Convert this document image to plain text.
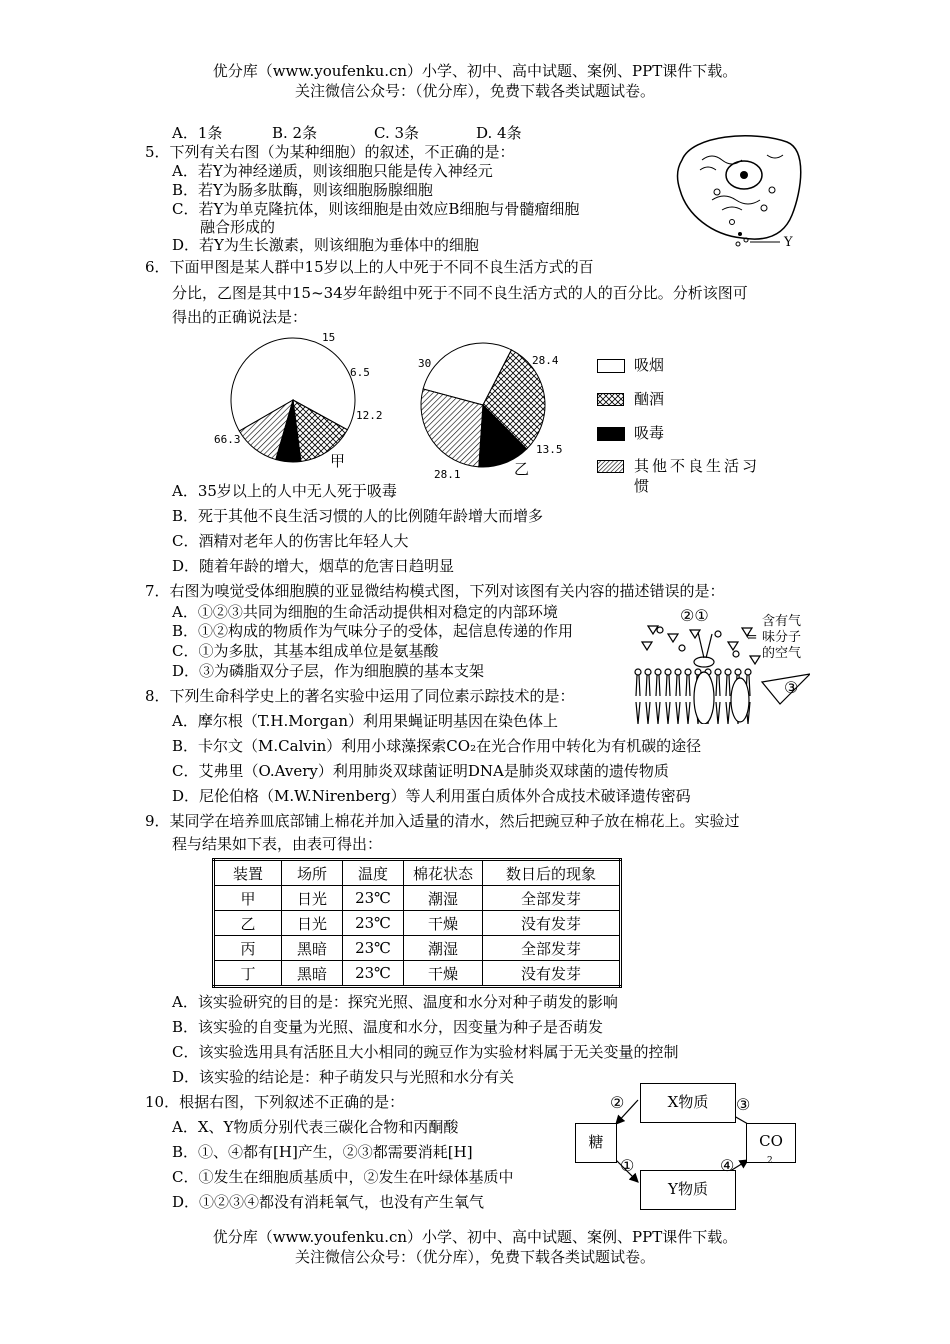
优分库（www.youfenku.cn）小学、初中、高中试题、案例、PPT课件下载。
关注微信公众号：（优分库），免费下载各类试题试卷。
A．1条	B. 2条	C. 3条	D. 4条
5．下列有关右图（为某种细胞）的叙述，不正确的是：
A．若Y为神经递质，则该细胞只能是传入神经元
B．若Y为肠多肽酶，则该细胞肠腺细胞
C．若Y为单克隆抗体，则该细胞是由效应B细胞与骨髓瘤细胞
融合形成的
D．若Y为生长激素，则该细胞为垂体中的细胞	Y
6．下面甲图是某人群中15岁以上的人中死于不同不良生活方式的百
分比，乙图是其中15~34岁年龄组中死于不同不良生活方式的人的百分比。分析该图可
得出的正确说法是：
15
6.5
12.2
66.3
甲
30	28.4
13.5
28.1	乙
吸烟
酗酒
吸毒
其他不良生活习
惯
A．35岁以上的人中无人死于吸毒
B．死于其他不良生活习惯的人的比例随年龄增大而增多
C．酒精对老年人的伤害比年轻人大
D．随着年龄的增大，烟草的危害日趋明显
7．右图为嗅觉受体细胞膜的亚显微结构模式图，下列对该图有关内容的描述错误的是：
A．①②③共同为细胞的生命活动提供相对稳定的内部环境
B．①②构成的物质作为气味分子的受体，起信息传递的作用
C．①为多肽，其基本组成单位是氨基酸
D．③为磷脂双分子层，作为细胞膜的基本支架
②①	含有气
味分子
的空气
⇐
③
8．下列生命科学史上的著名实验中运用了同位素示踪技术的是：
A．摩尔根（T.H.Morgan）利用果蝇证明基因在染色体上
B．卡尔文（M.Calvin）利用小球藻探索CO₂在光合作用中转化为有机碳的途径
C．艾弗里（O.Avery）利用肺炎双球菌证明DNA是肺炎双球菌的遗传物质
D．尼伦伯格（M.W.Nirenberg）等人利用蛋白质体外合成技术破译遗传密码
9．某同学在培养皿底部铺上棉花并加入适量的清水，然后把豌豆种子放在棉花上。实验过
程与结果如下表，由表可得出：
装置	场所	温度	棉花状态	数日后的现象
甲	日光	23℃	潮湿	全部发芽
乙	日光	23℃	干燥	没有发芽
丙	黑暗	23℃	潮湿	全部发芽
丁	黑暗	23℃	干燥	没有发芽
A．该实验研究的目的是：探究光照、温度和水分对种子萌发的影响
B．该实验的自变量为光照、温度和水分，因变量为种子是否萌发
C．该实验选用具有活胚且大小相同的豌豆作为实验材料属于无关变量的控制
D．该实验的结论是：种子萌发只与光照和水分有关
10．根据右图，下列叙述不正确的是：
A．X、Y物质分别代表三碳化合物和丙酮酸
B．①、④都有[H]产生，②③都需要消耗[H]
C．①发生在细胞质基质中，②发生在叶绿体基质中
D．①②③④都没有消耗氧气，也没有产生氧气
X物质
糖
Y物质
CO
2
②	③
①	④
优分库（www.youfenku.cn）小学、初中、高中试题、案例、PPT课件下载。
关注微信公众号：（优分库），免费下载各类试题试卷。
